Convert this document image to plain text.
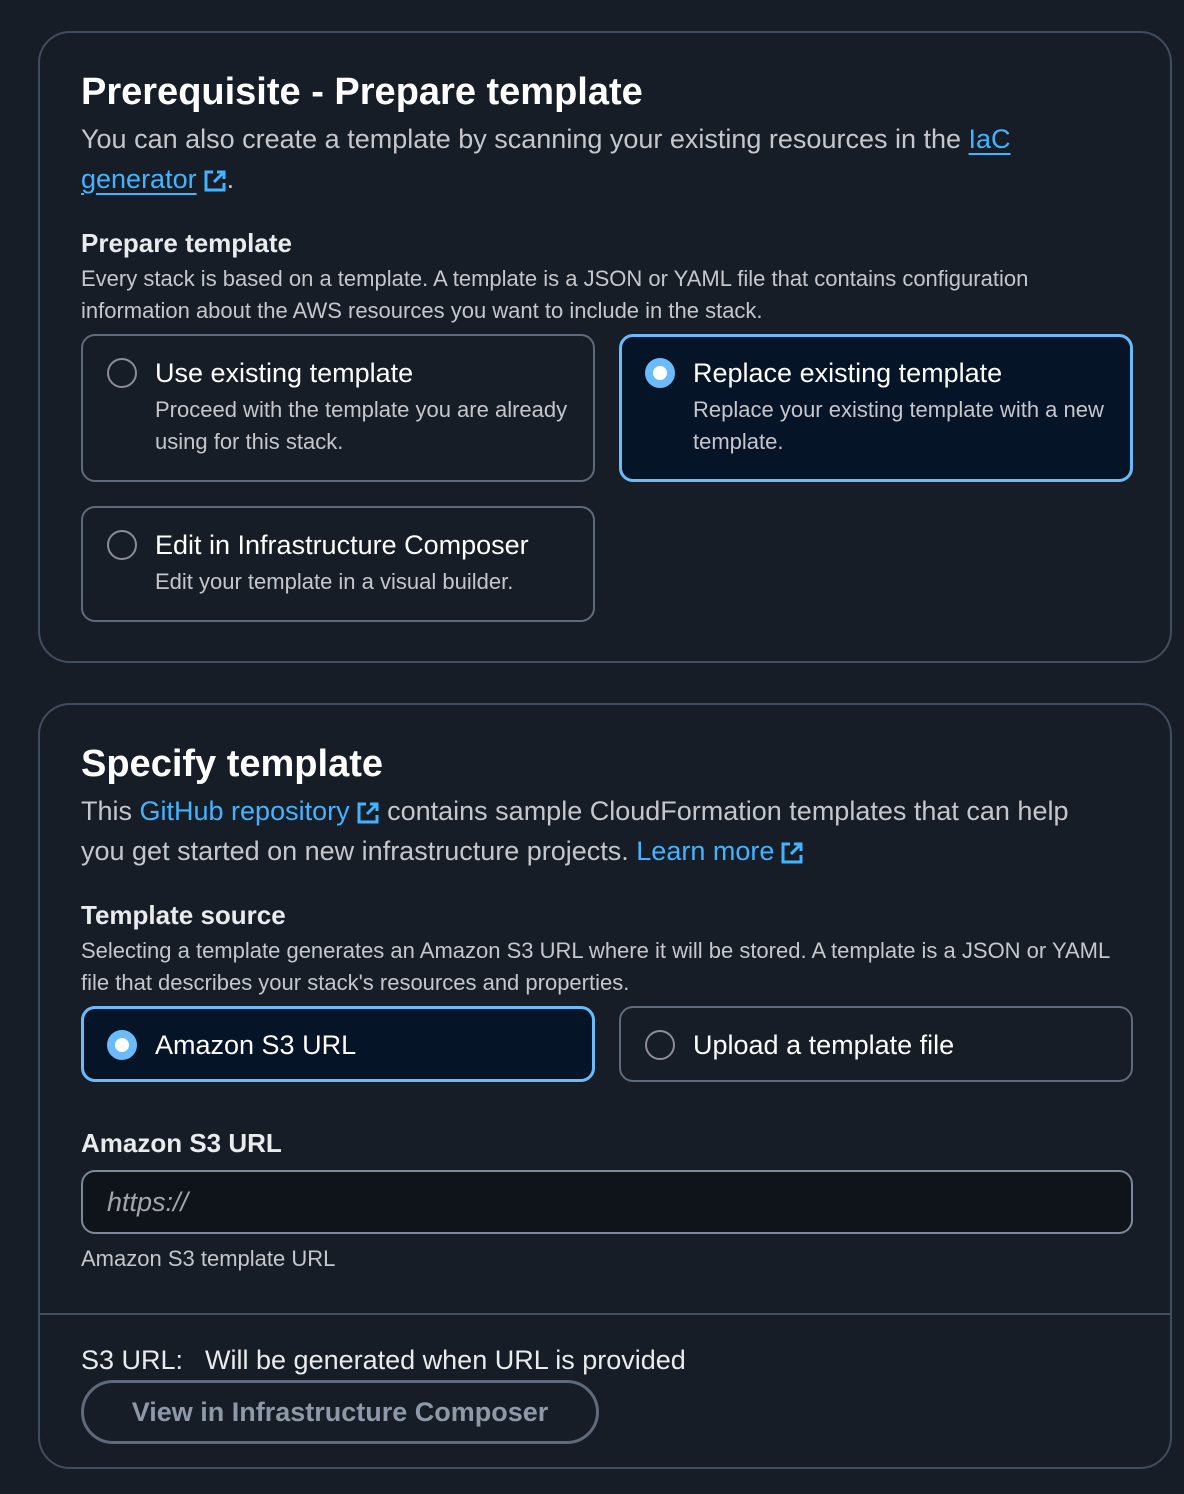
Prerequisite - Prepare template
You can also create a template by scanning your existing resources in the IaC generator .
Prepare template
Every stack is based on a template. A template is a JSON or YAML file that contains configuration information about the AWS resources you want to include in the stack.
Use existing template
Proceed with the template you are already using for this stack.
Replace existing template
Replace your existing template with a new template.
Edit in Infrastructure Composer
Edit your template in a visual builder.
Specify template
This GitHub repository contains sample CloudFormation templates that can help you get started on new infrastructure projects. Learn more
Template source
Selecting a template generates an Amazon S3 URL where it will be stored. A template is a JSON or YAML file that describes your stack's resources and properties.
Amazon S3 URL	Upload a template file
Amazon S3 URL
https://
Amazon S3 template URL
S3 URL: Will be generated when URL is provided
View in Infrastructure Composer
